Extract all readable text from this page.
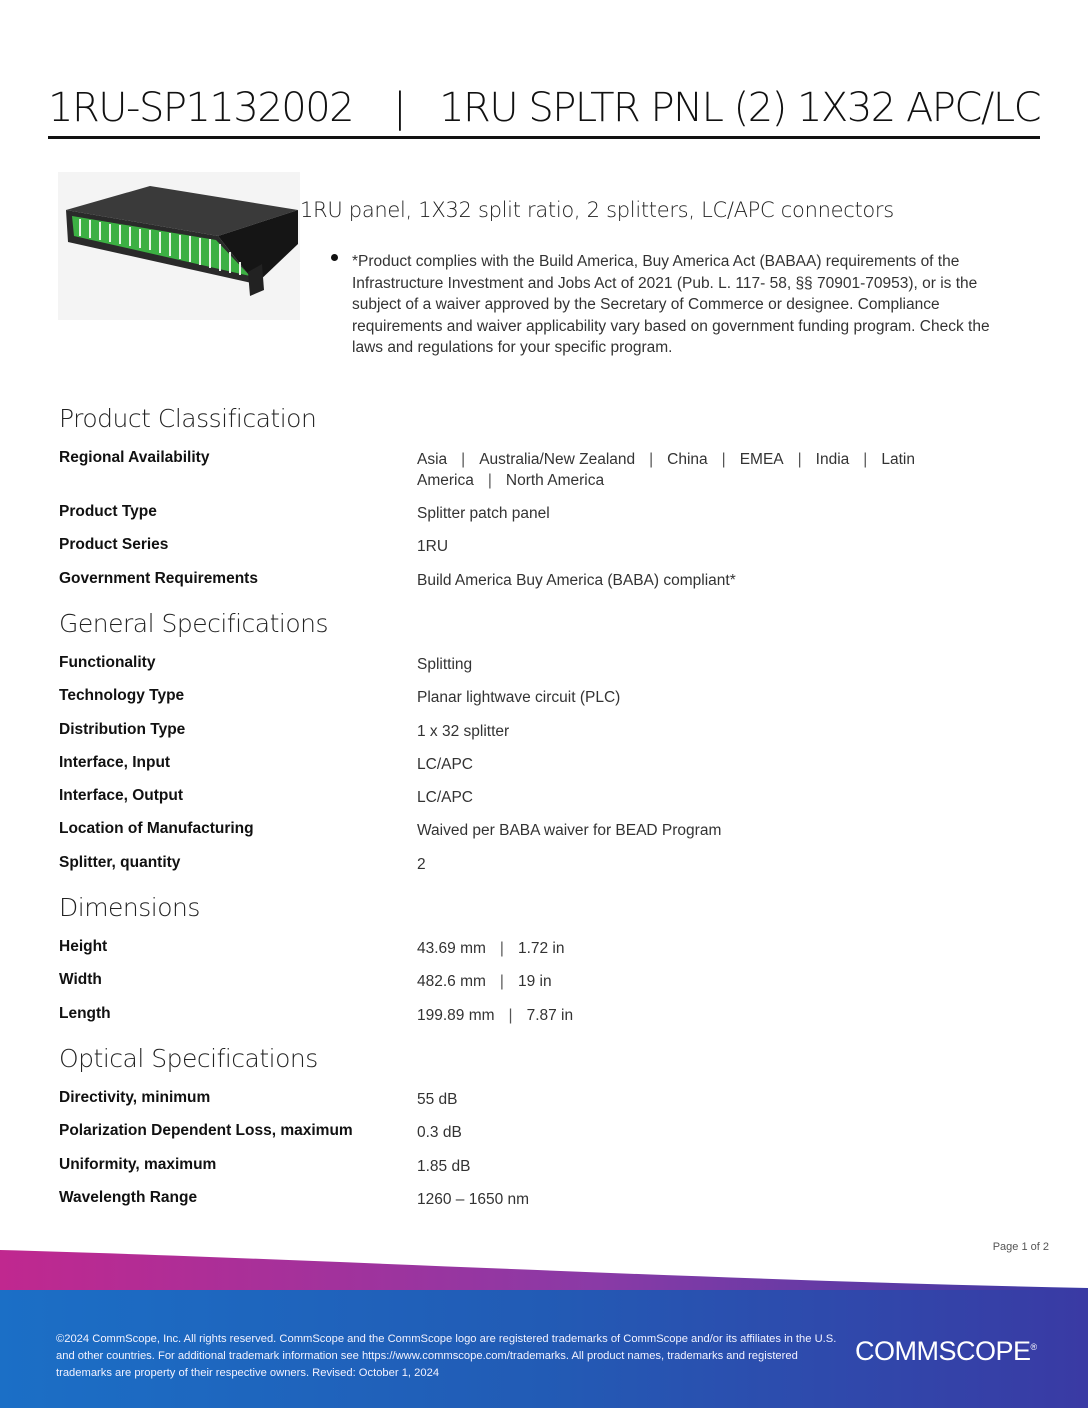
1RU-SP1132002 | 1RU SPLTR PNL (2) 1X32 APC/LC
1RU panel, 1X32 split ratio, 2 splitters, LC/APC connectors
*Product complies with the Build America, Buy America Act (BABAA) requirements of the Infrastructure Investment and Jobs Act of 2021 (Pub. L. 117- 58, §§ 70901-70953), or is the subject of a waiver approved by the Secretary of Commerce or designee. Compliance requirements and waiver applicability vary based on government funding program. Check the laws and regulations for your specific program.
Product Classification
Regional Availability	Asia | Australia/New Zealand | China | EMEA | India | Latin America | North America
Product Type	Splitter patch panel
Product Series	1RU
Government Requirements	Build America Buy America (BABA) compliant*
General Specifications
Functionality	Splitting
Technology Type	Planar lightwave circuit (PLC)
Distribution Type	1 x 32 splitter
Interface, Input	LC/APC
Interface, Output	LC/APC
Location of Manufacturing	Waived per BABA waiver for BEAD Program
Splitter, quantity	2
Dimensions
Height	43.69 mm | 1.72 in
Width	482.6 mm | 19 in
Length	199.89 mm | 7.87 in
Optical Specifications
Directivity, minimum	55 dB
Polarization Dependent Loss, maximum	0.3 dB
Uniformity, maximum	1.85 dB
Wavelength Range	1260 – 1650 nm
Page 1 of 2
©2024 CommScope, Inc. All rights reserved. CommScope and the CommScope logo are registered trademarks of CommScope and/or its affiliates in the U.S. and other countries. For additional trademark information see https://www.commscope.com/trademarks. All product names, trademarks and registered trademarks are property of their respective owners. Revised: October 1, 2024
COMMSCOPE®
